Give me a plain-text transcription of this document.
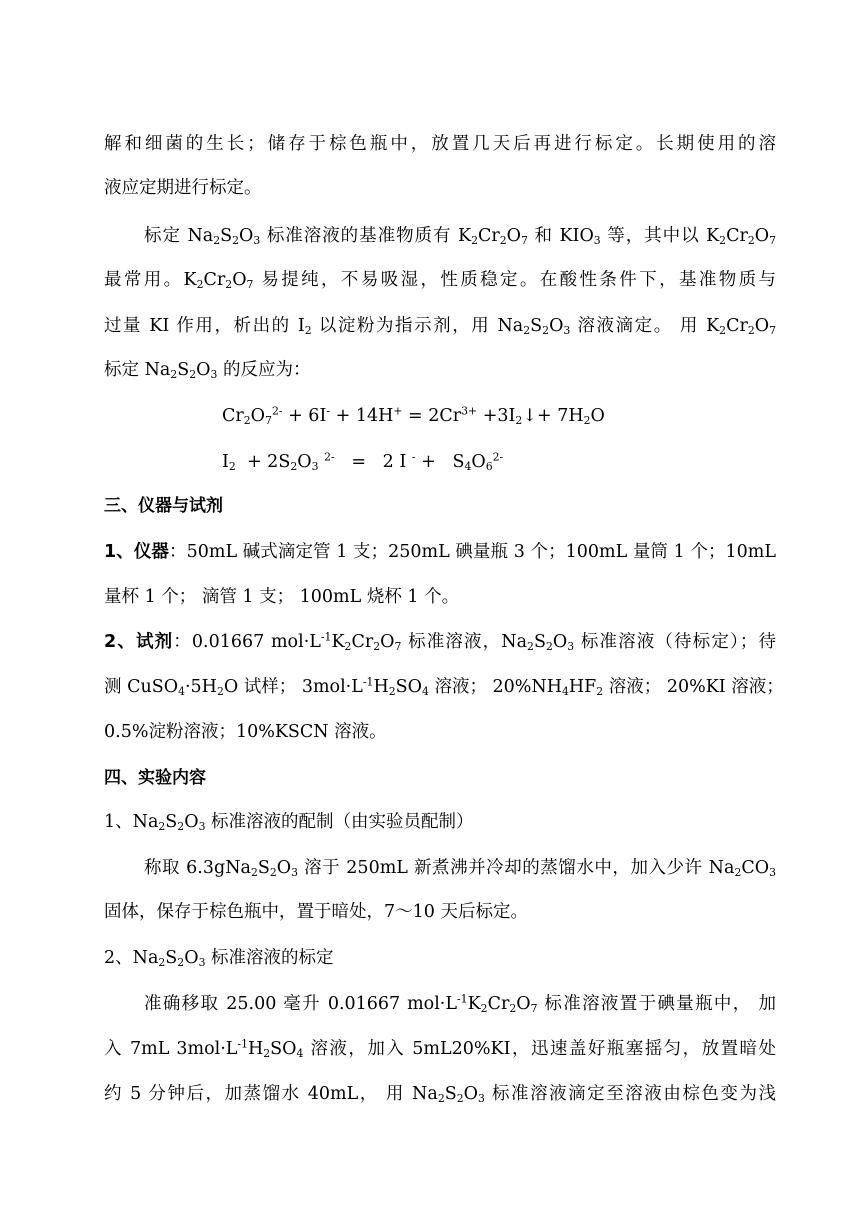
解和细菌的生长；储存于棕色瓶中，放置几天后再进行标定。长期使用的溶
液应定期进行标定。
标定 $Na_2S_2O_3$ 标准溶液的基准物质有 $K_2Cr_2O_7$ 和 $KIO_3$ 等，其中以 $K_2Cr_2O_7$
最常用。$K_2Cr_2O_7$ 易提纯，不易吸湿，性质稳定。在酸性条件下，基准物质与
过量 KI 作用，析出的 $I_2$ 以淀粉为指示剂，用 $Na_2S_2O_3$ 溶液滴定。 用 $K_2Cr_2O_7$
标定 $Na_2S_2O_3$ 的反应为：
$Cr_2O_7^{2-} + 6I^- + 14H^+ = 2Cr^{3+}$ $+3I_2↓+ 7H_2O$
$I_2 + 2S_2O_3$ $^{2-}$   =   2 I $^- + S_4O_6^{2-}$
三、仪器与试剂
1、仪器：50mL 碱式滴定管 1 支；250mL 碘量瓶 3 个；100mL 量筒 1 个；10mL
量杯 1 个； 滴管 1 支； 100mL 烧杯 1 个。
2、试剂：0.01667 $mol\cdot L^{-1}K_2Cr_2O_7$ 标准溶液，$Na_2S_2O_3$ 标准溶液（待标定）；待
测 $CuSO_4\cdot 5H_2O$ 试样； $3mol\cdot L^{-1}H_2SO_4$ 溶液； $20\%NH_4HF_2$ 溶液； 20%KI 溶液；
0.5%淀粉溶液；10%KSCN 溶液。
四、实验内容
1、$Na_2S_2O_3$ 标准溶液的配制（由实验员配制）
称取 $6.3gNa_2S_2O_3$ 溶于 250mL 新煮沸并冷却的蒸馏水中，加入少许 $Na_2CO_3$
固体，保存于棕色瓶中，置于暗处，7～10 天后标定。
2、$Na_2S_2O_3$ 标准溶液的标定
准确移取 25.00 毫升 0.01667 $mol\cdot L^{-1}K_2Cr_2O_7$ 标准溶液置于碘量瓶中， 加
入 7mL $3mol\cdot L^{-1}H_2SO_4$ 溶液，加入 5mL20%KI，迅速盖好瓶塞摇匀，放置暗处
约 5 分钟后，加蒸馏水 40mL， 用 $Na_2S_2O_3$ 标准溶液滴定至溶液由棕色变为浅
